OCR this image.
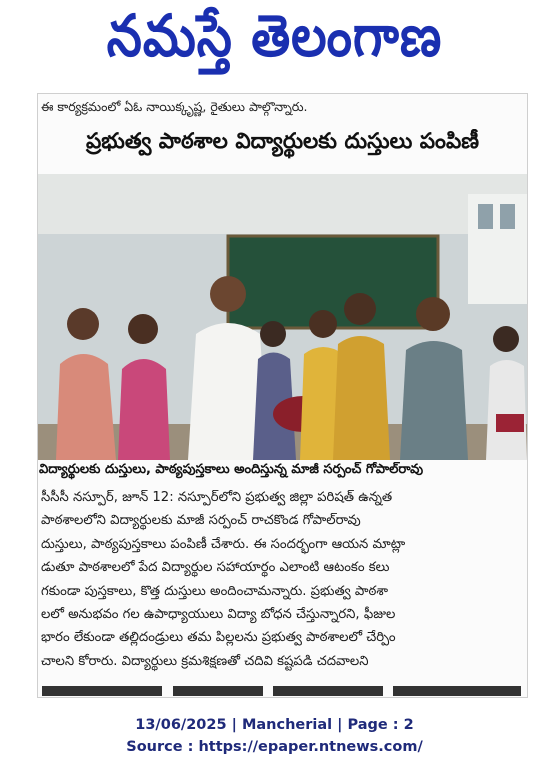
నమస్తే తెలంగాణ
ఈ కార్యక్రమంలో ఏఓ నాయిక్కృష్ణ, రైతులు పాల్గొన్నారు.
ప్రభుత్వ పాఠశాల విద్యార్థులకు దుస్తులు పంపిణీ
విద్యార్థులకు దుస్తులు, పాఠ్యపుస్తకాలు అందిస్తున్న మాజీ సర్పంచ్ గోపాల్‌రావు
సీసీసీ నస్పూర్, జూన్ 12: నస్పూర్‌లోని ప్రభుత్వ జిల్లా పరిషత్ ఉన్నత
పాఠశాలలోని విద్యార్థులకు మాజీ సర్పంచ్ రాచకొండ గోపాల్‌రావు
దుస్తులు, పాఠ్యపుస్తకాలు పంపిణీ చేశారు. ఈ సందర్భంగా ఆయన మాట్లా
డుతూ పాఠశాలలో పేద విద్యార్థుల సహాయార్థం ఎలాంటి ఆటంకం కలు
గకుండా పుస్తకాలు, కొత్త దుస్తులు అందించామన్నారు. ప్రభుత్వ పాఠశా
లలో అనుభవం గల ఉపాధ్యాయులు విద్యా బోధన చేస్తున్నారని, ఫీజుల
భారం లేకుండా తల్లిదండ్రులు తమ పిల్లలను ప్రభుత్వ పాఠశాలలో చేర్పిం
చాలని కోరారు. విద్యార్థులు క్రమశిక్షణతో చదివి కష్టపడి చదవాలని
13/06/2025 | Mancherial | Page : 2
Source : https://epaper.ntnews.com/
